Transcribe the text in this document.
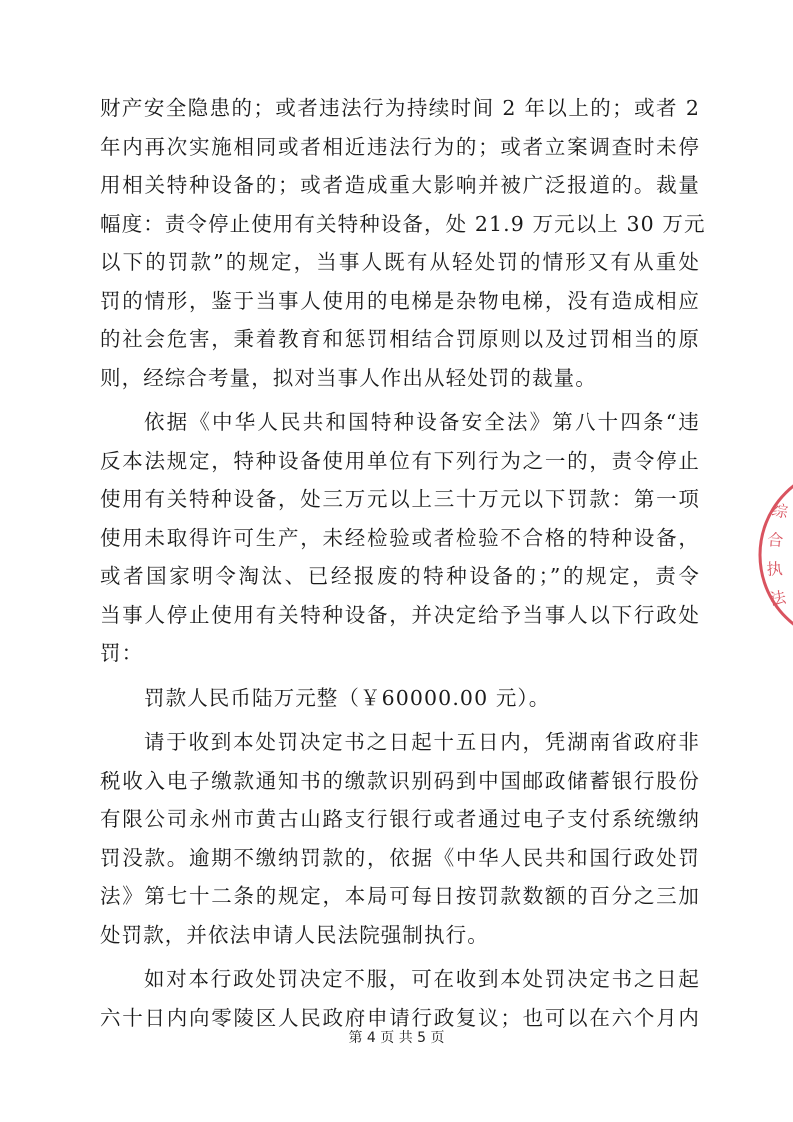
财产安全隐患的；或者违法行为持续时间 2 年以上的；或者 2
年内再次实施相同或者相近违法行为的；或者立案调查时未停
用相关特种设备的；或者造成重大影响并被广泛报道的。裁量
幅度：责令停止使用有关特种设备，处 21.9 万元以上 30 万元
以下的罚款”的规定，当事人既有从轻处罚的情形又有从重处
罚的情形，鉴于当事人使用的电梯是杂物电梯，没有造成相应
的社会危害，秉着教育和惩罚相结合罚原则以及过罚相当的原
则，经综合考量，拟对当事人作出从轻处罚的裁量。
依据《中华人民共和国特种设备安全法》第八十四条“违
反本法规定，特种设备使用单位有下列行为之一的，责令停止
使用有关特种设备，处三万元以上三十万元以下罚款：第一项
使用未取得许可生产，未经检验或者检验不合格的特种设备，
或者国家明令淘汰、已经报废的特种设备的；”的规定，责令
当事人停止使用有关特种设备，并决定给予当事人以下行政处
罚：
罚款人民币陆万元整（￥60000.00 元）。
请于收到本处罚决定书之日起十五日内，凭湖南省政府非
税收入电子缴款通知书的缴款识别码到中国邮政储蓄银行股份
有限公司永州市黄古山路支行银行或者通过电子支付系统缴纳
罚没款。逾期不缴纳罚款的，依据《中华人民共和国行政处罚
法》第七十二条的规定，本局可每日按罚款数额的百分之三加
处罚款，并依法申请人民法院强制执行。
如对本行政处罚决定不服，可在收到本处罚决定书之日起
六十日内向零陵区人民政府申请行政复议；也可以在六个月内
第 4 页 共 5 页
综
合
执
法
